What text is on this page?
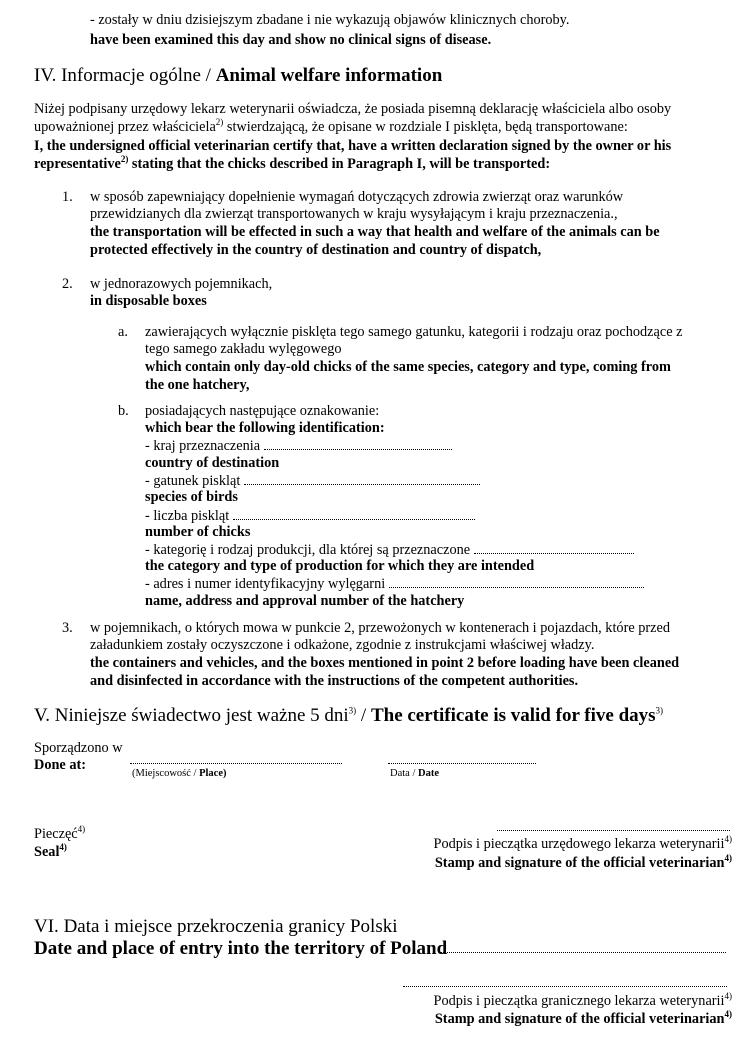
- zostały w dniu dzisiejszym zbadane i nie wykazują objawów klinicznych choroby.
have been examined this day and show no clinical signs of disease.
IV. Informacje ogólne / Animal welfare information
Niżej podpisany urzędowy lekarz weterynarii oświadcza, że posiada pisemną deklarację właściciela albo osoby
upoważnionej przez właściciela$^{2)}$ stwierdzającą, że opisane w rozdziale I pisklęta, będą transportowane:
I, the undersigned official veterinarian certify that, have a written declaration signed by the owner or his
representative$^{2)}$ stating that the chicks described in Paragraph I, will be transported:
1. w sposób zapewniający dopełnienie wymagań dotyczących zdrowia zwierząt oraz warunków
przewidzianych dla zwierząt transportowanych w kraju wysyłającym i kraju przeznaczenia.,
the transportation will be effected in such a way that health and welfare of the animals can be
protected effectively in the country of destination and country of dispatch,
2. w jednorazowych pojemnikach,
in disposable boxes
a. zawierających wyłącznie pisklęta tego samego gatunku, kategorii i rodzaju oraz pochodzące z
tego samego zakładu wylęgowego
which contain only day-old chicks of the same species, category and type, coming from
the one hatchery,
b. posiadających następujące oznakowanie:
which bear the following identification:
- kraj przeznaczenia
country of destination
- gatunek piskląt
species of birds
- liczba piskląt
number of chicks
- kategorię i rodzaj produkcji, dla której są przeznaczone
the category and type of production for which they are intended
- adres i numer identyfikacyjny wylęgarni
name, address and approval number of the hatchery
3. w pojemnikach, o których mowa w punkcie 2, przewożonych w kontenerach i pojazdach, które przed
załadunkiem zostały oczyszczone i odkażone, zgodnie z instrukcjami właściwej władzy.
the containers and vehicles, and the boxes mentioned in point 2 before loading have been cleaned
and disinfected in accordance with the instructions of the competent authorities.
V. Niniejsze świadectwo jest ważne 5 dni$^{3)}$ / The certificate is valid for five days$^{3)}$
Sporządzono w
Done at:
(Miejscowość / Place)	Data / Date
Pieczęć$^{4)}$
Seal$^{4)}$	Podpis i pieczątka urzędowego lekarza weterynarii$^{4)}$
Stamp and signature of the official veterinarian$^{4)}$
VI. Data i miejsce przekroczenia granicy Polski
Date and place of entry into the territory of Poland
Podpis i pieczątka granicznego lekarza weterynarii$^{4)}$
Stamp and signature of the official veterinarian$^{4)}$
